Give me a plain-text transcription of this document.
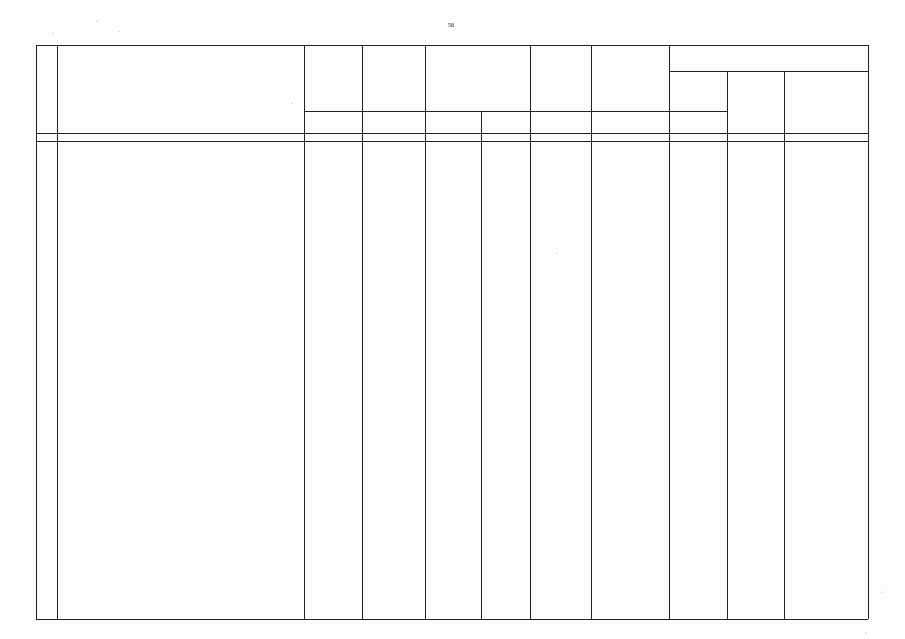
58
·
·
·
·
·
·
·
